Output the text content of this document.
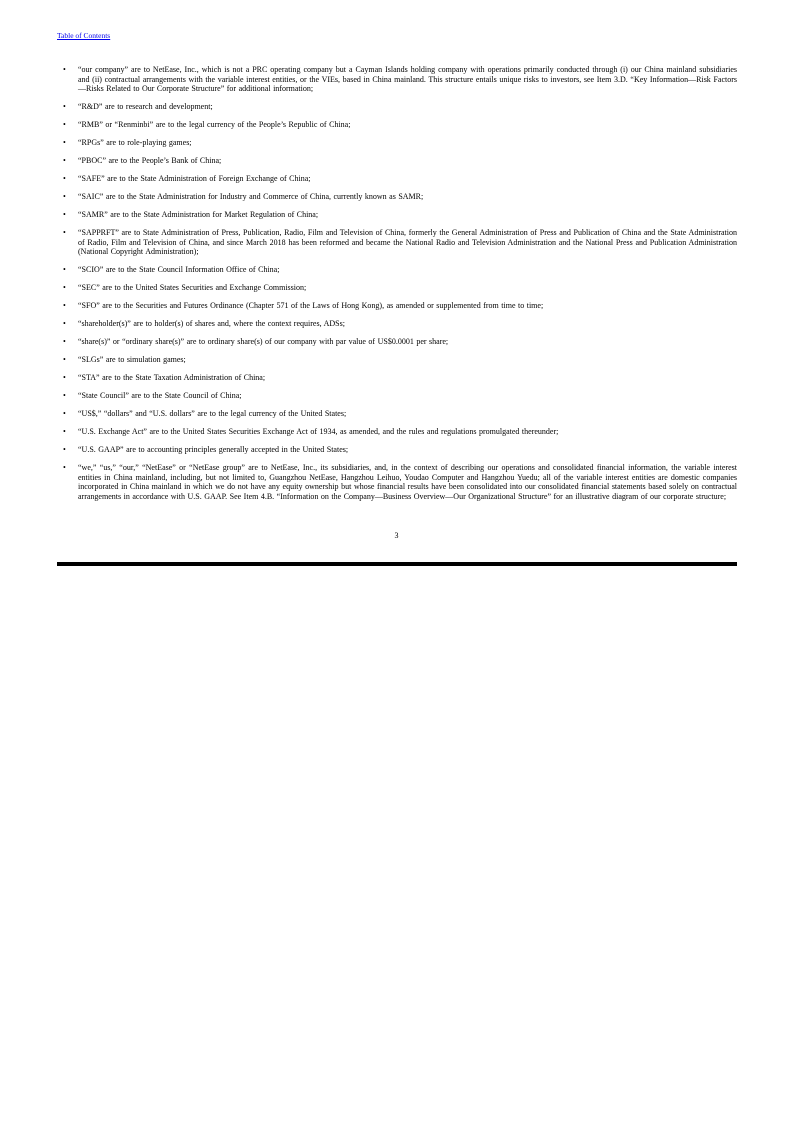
Table of Contents
•	“our company” are to NetEase, Inc., which is not a PRC operating company but a Cayman Islands holding company with operations primarily conducted through (i) our China mainland subsidiaries and (ii) contractual arrangements with the variable interest entities, or the VIEs, based in China mainland. This structure entails unique risks to investors, see Item 3.D. “Key Information—Risk Factors—Risks Related to Our Corporate Structure” for additional information;
•	“R&D” are to research and development;
•	“RMB” or “Renminbi” are to the legal currency of the People’s Republic of China;
•	“RPGs” are to role-playing games;
•	“PBOC” are to the People’s Bank of China;
•	“SAFE” are to the State Administration of Foreign Exchange of China;
•	“SAIC” are to the State Administration for Industry and Commerce of China, currently known as SAMR;
•	“SAMR” are to the State Administration for Market Regulation of China;
•	“SAPPRFT” are to State Administration of Press, Publication, Radio, Film and Television of China, formerly the General Administration of Press and Publication of China and the State Administration of Radio, Film and Television of China, and since March 2018 has been reformed and became the National Radio and Television Administration and the National Press and Publication Administration (National Copyright Administration);
•	“SCIO” are to the State Council Information Office of China;
•	“SEC” are to the United States Securities and Exchange Commission;
•	“SFO” are to the Securities and Futures Ordinance (Chapter 571 of the Laws of Hong Kong), as amended or supplemented from time to time;
•	“shareholder(s)” are to holder(s) of shares and, where the context requires, ADSs;
•	“share(s)” or “ordinary share(s)” are to ordinary share(s) of our company with par value of US$0.0001 per share;
•	“SLGs” are to simulation games;
•	“STA” are to the State Taxation Administration of China;
•	“State Council” are to the State Council of China;
•	“US$,” “dollars” and “U.S. dollars” are to the legal currency of the United States;
•	“U.S. Exchange Act” are to the United States Securities Exchange Act of 1934, as amended, and the rules and regulations promulgated thereunder;
•	“U.S. GAAP” are to accounting principles generally accepted in the United States;
•	“we,” “us,” “our,” “NetEase” or “NetEase group” are to NetEase, Inc., its subsidiaries, and, in the context of describing our operations and consolidated financial information, the variable interest entities in China mainland, including, but not limited to, Guangzhou NetEase, Hangzhou Leihuo, Youdao Computer and Hangzhou Yuedu; all of the variable interest entities are domestic companies incorporated in China mainland in which we do not have any equity ownership but whose financial results have been consolidated into our consolidated financial statements based solely on contractual arrangements in accordance with U.S. GAAP. See Item 4.B. “Information on the Company—Business Overview—Our Organizational Structure” for an illustrative diagram of our corporate structure;
3
